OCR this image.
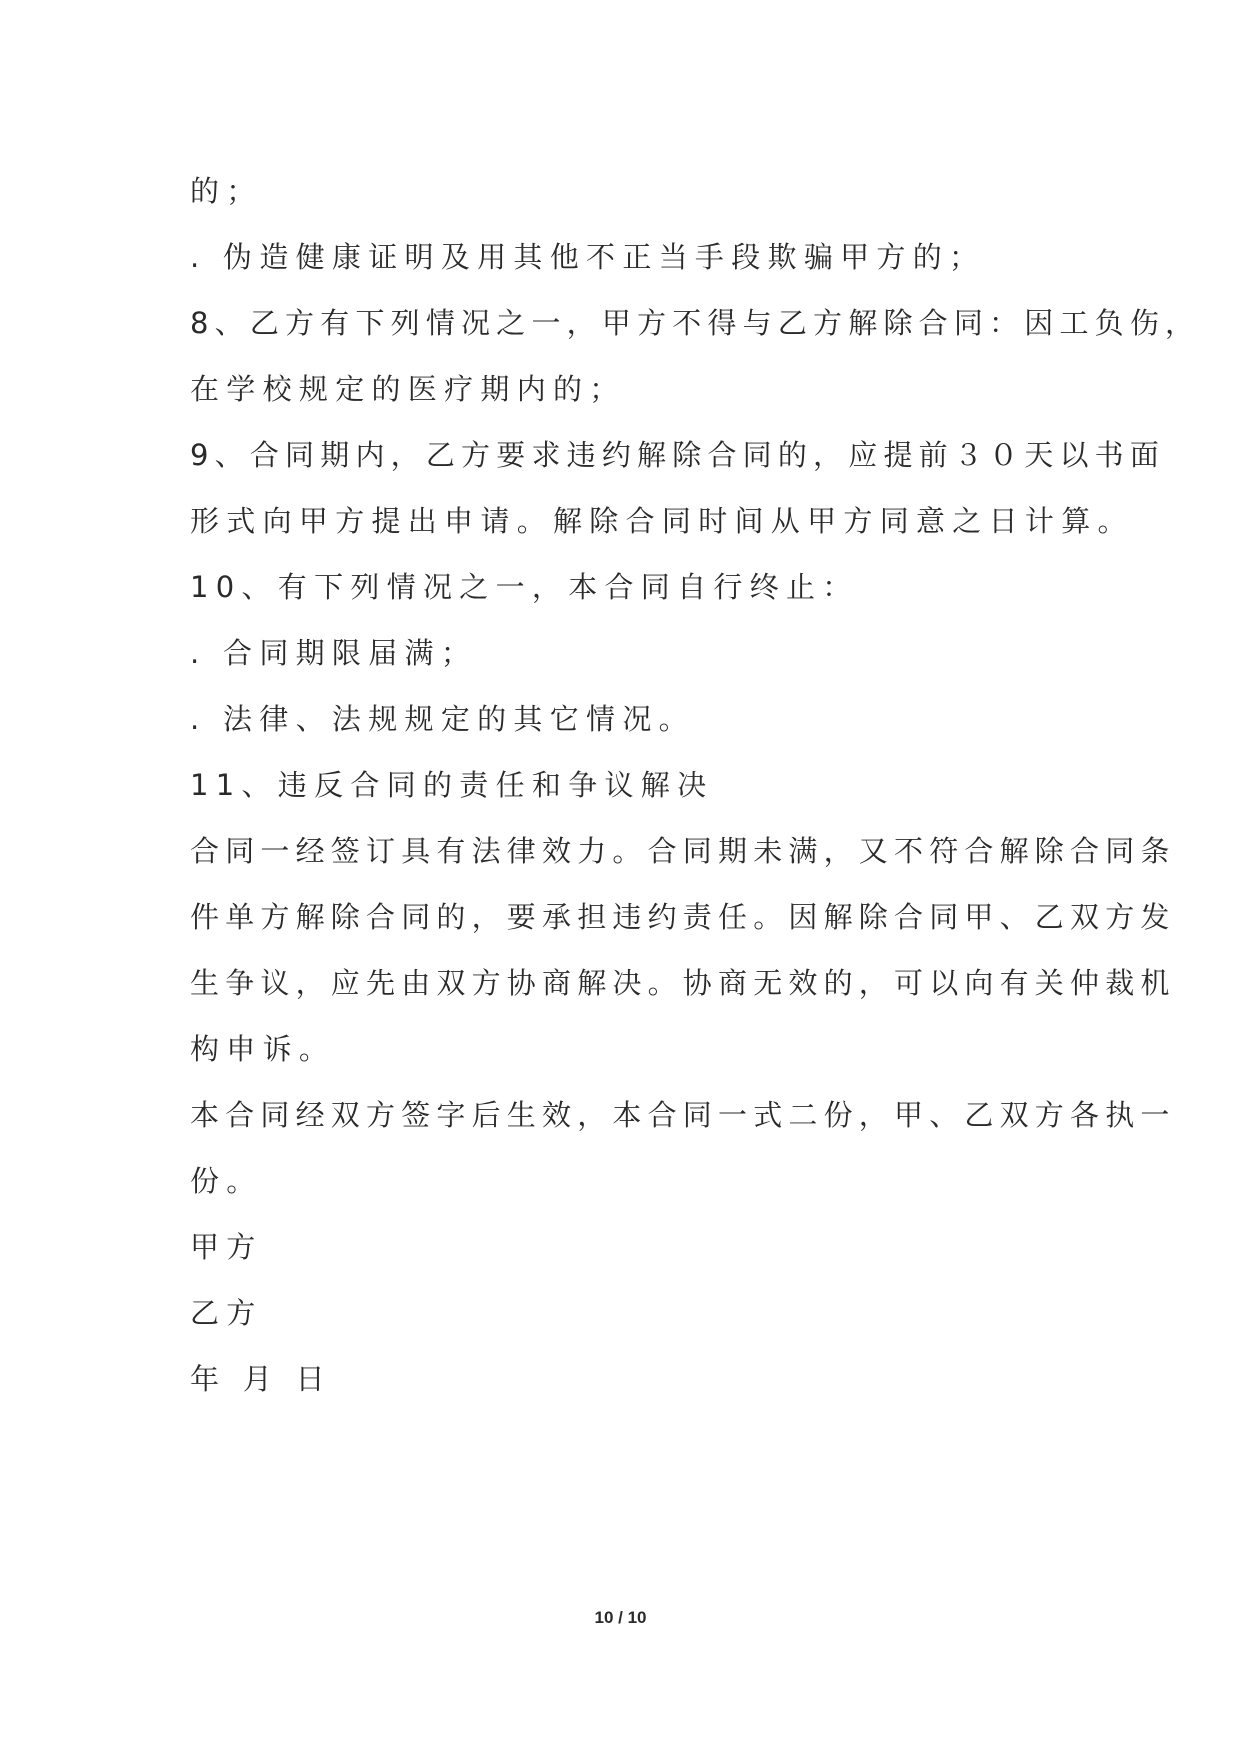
的；
. 伪造健康证明及用其他不正当手段欺骗甲方的；
8、乙方有下列情况之一，甲方不得与乙方解除合同：因工负伤，
在学校规定的医疗期内的；
9、合同期内，乙方要求违约解除合同的，应提前３０天以书面
形式向甲方提出申请。解除合同时间从甲方同意之日计算。
10、有下列情况之一，本合同自行终止：
. 合同期限届满；
. 法律、法规规定的其它情况。
11、违反合同的责任和争议解决
合同一经签订具有法律效力。合同期未满，又不符合解除合同条
件单方解除合同的，要承担违约责任。因解除合同甲、乙双方发
生争议，应先由双方协商解决。协商无效的，可以向有关仲裁机
构申诉。
本合同经双方签字后生效，本合同一式二份，甲、乙双方各执一
份。
甲方
乙方
年 月 日
10 / 10
